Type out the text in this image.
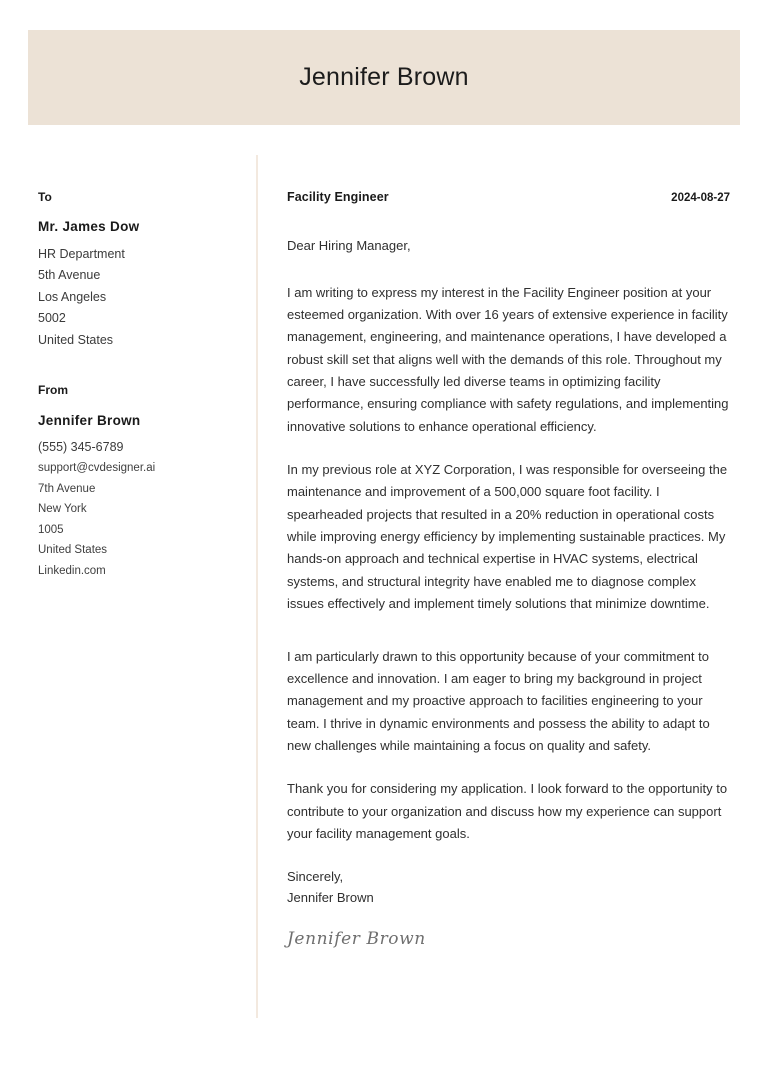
Jennifer Brown
To
Mr. James Dow
HR Department
5th Avenue
Los Angeles
5002
United States
From
Jennifer Brown
(555) 345-6789
support@cvdesigner.ai
7th Avenue
New York
1005
United States
Linkedin.com
Facility Engineer	2024-08-27

Dear Hiring Manager,

I am writing to express my interest in the Facility Engineer position at your esteemed organization. With over 16 years of extensive experience in facility management, engineering, and maintenance operations, I have developed a robust skill set that aligns well with the demands of this role. Throughout my career, I have successfully led diverse teams in optimizing facility performance, ensuring compliance with safety regulations, and implementing innovative solutions to enhance operational efficiency.

In my previous role at XYZ Corporation, I was responsible for overseeing the maintenance and improvement of a 500,000 square foot facility. I spearheaded projects that resulted in a 20% reduction in operational costs while improving energy efficiency by implementing sustainable practices. My hands-on approach and technical expertise in HVAC systems, electrical systems, and structural integrity have enabled me to diagnose complex issues effectively and implement timely solutions that minimize downtime.

I am particularly drawn to this opportunity because of your commitment to excellence and innovation. I am eager to bring my background in project management and my proactive approach to facilities engineering to your team. I thrive in dynamic environments and possess the ability to adapt to new challenges while maintaining a focus on quality and safety.

Thank you for considering my application. I look forward to the opportunity to contribute to your organization and discuss how my experience can support your facility management goals.

Sincerely,
Jennifer Brown
Jennifer Brown
